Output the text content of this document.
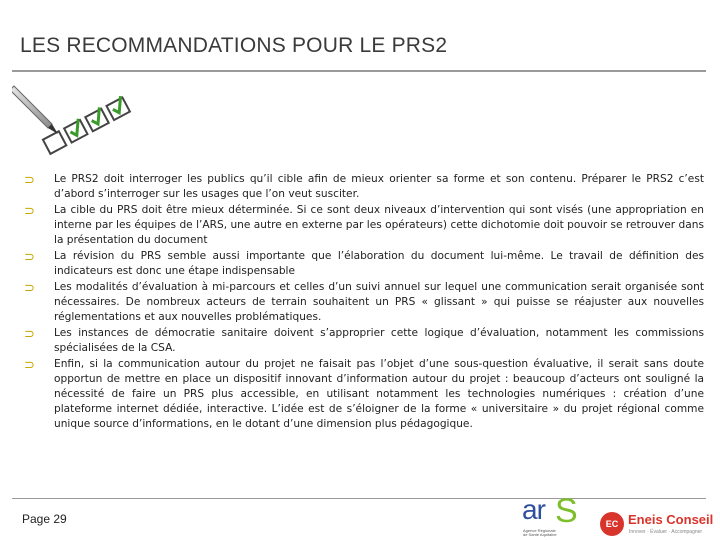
LES RECOMMANDATIONS POUR LE PRS2
⊃	Le PRS2 doit interroger les publics qu’il cible afin de mieux orienter sa forme et son contenu. Préparer le PRS2 c’est d’abord s’interroger sur les usages que l’on veut susciter.
⊃	La cible du PRS doit être mieux déterminée. Si ce sont deux niveaux d’intervention qui sont visés (une appropriation en interne par les équipes de l’ARS, une autre en externe par les opérateurs) cette dichotomie doit pouvoir se retrouver dans la présentation du document
⊃	La révision du PRS semble aussi importante que l’élaboration du document lui-même. Le travail de définition des indicateurs est donc une étape indispensable
⊃	Les modalités d’évaluation à mi-parcours et celles d’un suivi annuel sur lequel une communication serait organisée sont nécessaires. De nombreux acteurs de terrain souhaitent un PRS « glissant » qui puisse se réajuster aux nouvelles réglementations et aux nouvelles problématiques.
⊃	Les instances de démocratie sanitaire doivent s’approprier cette logique d’évaluation, notamment les commissions spécialisées de la CSA.
⊃	Enfin, si la communication autour du projet ne faisait pas l’objet d’une sous-question évaluative, il serait sans doute opportun de mettre en place un dispositif innovant d’information autour du projet : beaucoup d’acteurs ont souligné la nécessité de faire un PRS plus accessible, en utilisant notamment les technologies numériques : création d’une plateforme internet dédiée, interactive. L’idée est de s’éloigner de la forme « universitaire » du projet régional comme unique source d’informations, en le dotant d’une dimension plus pédagogique.
Page 29	ar S
Agence Régionale de Santé Aquitaine
EC Eneis Conseil
Innover · Évaluer · Accompagner
